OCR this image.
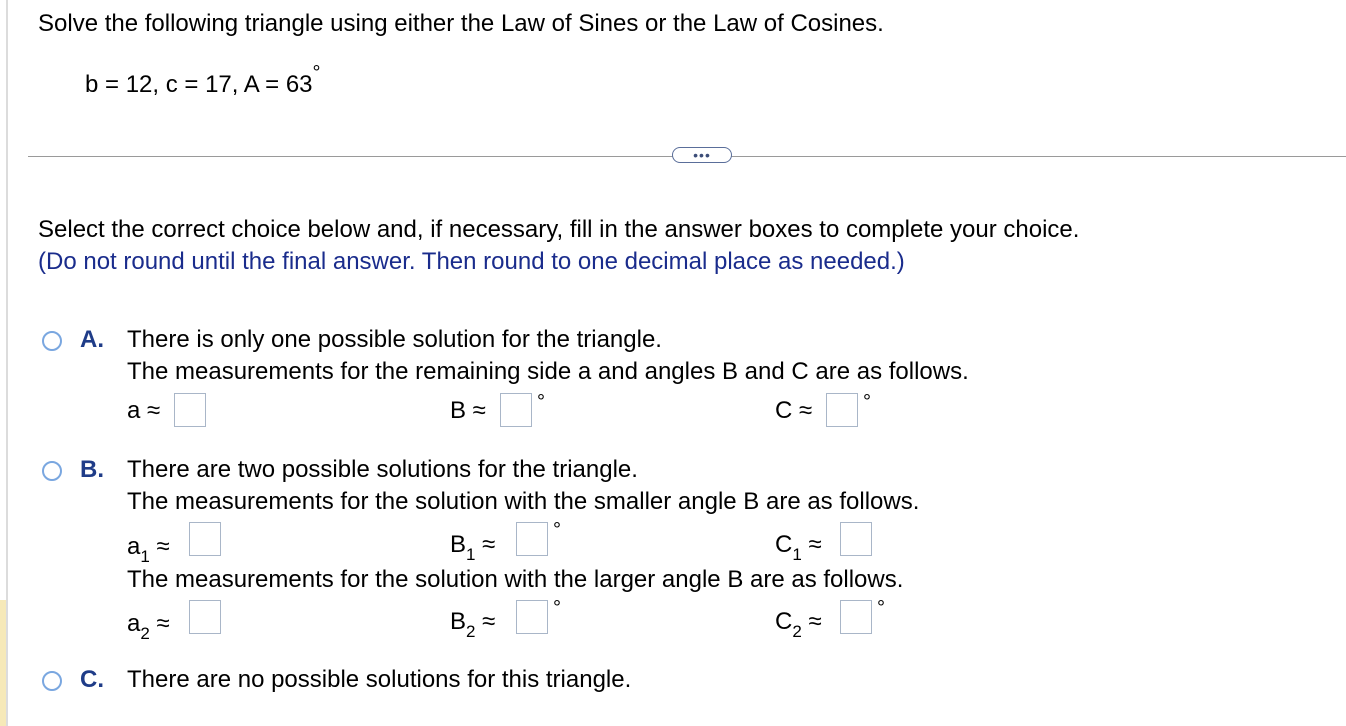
Solve the following triangle using either the Law of Sines or the Law of Cosines.
b = 12, c = 17, A = 63°
•••
Select the correct choice below and, if necessary, fill in the answer boxes to complete your choice.
(Do not round until the final answer. Then round to one decimal place as needed.)
A. There is only one possible solution for the triangle.
The measurements for the remaining side a and angles B and C are as follows.
a ≈	B ≈	°	C ≈	°
B. There are two possible solutions for the triangle.
The measurements for the solution with the smaller angle B are as follows.
$a_1$ ≈	$B_1$ ≈
°
$C_1$ ≈
The measurements for the solution with the larger angle B are as follows.
$a_2$ ≈	$B_2$ ≈	°	$C_2$ ≈	°
C. There are no possible solutions for this triangle.
